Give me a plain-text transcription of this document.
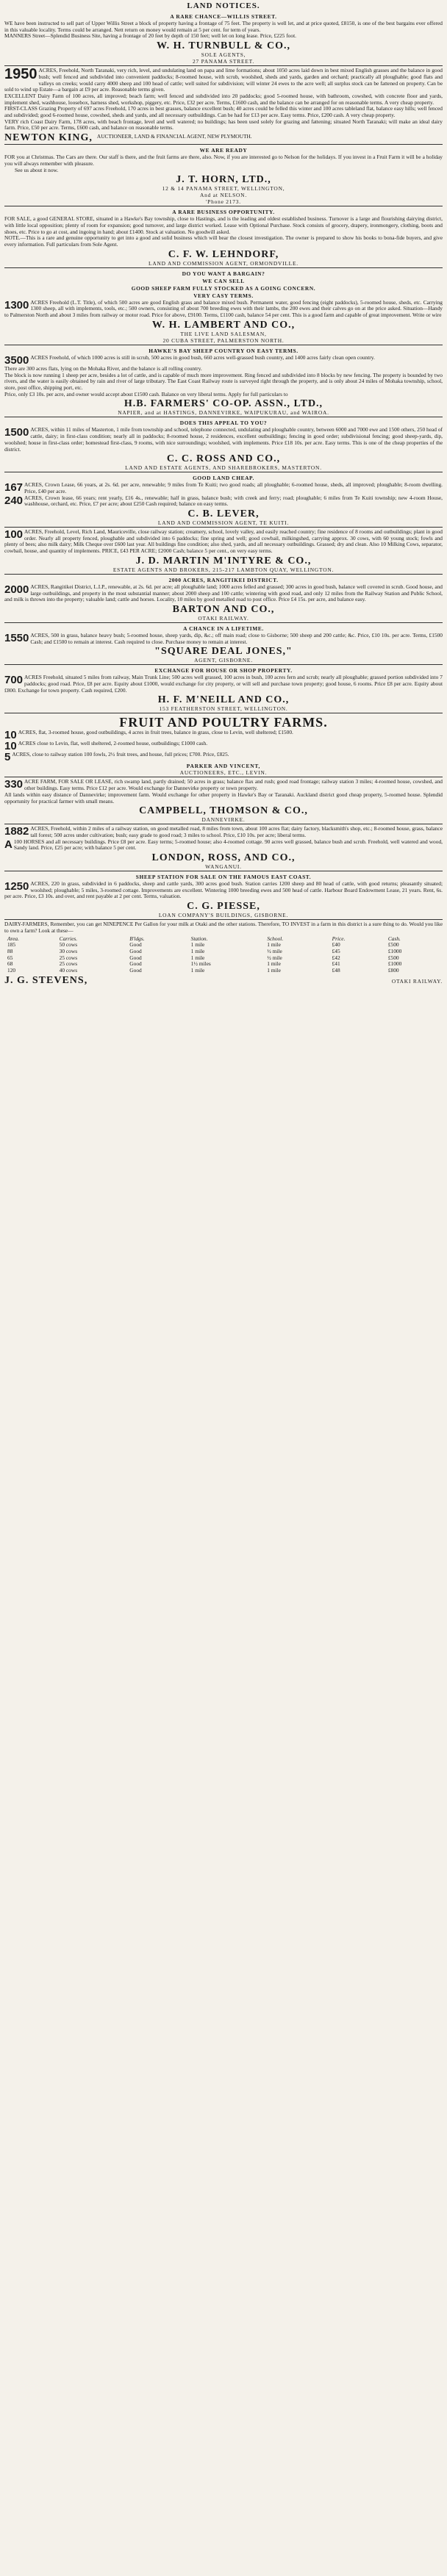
LAND NOTICES.
A RARE CHANCE—WILLIS STREET.

WE have been instructed to sell part of Upper Willis Street a block of property having a frontage of 75 feet. The property is well let, and at price quoted, £8150, is one of the best bargains ever offered in this valuable locality. Terms could be arranged. Nett return on money would remain at 5 per cent. for term of years.

MANNERS Street—Splendid Business Site, having a frontage of 20 feet by depth of 150 feet; well let on long lease. Price, £225 foot.

W. H. TURNBULL & CO.,
SOLE AGENTS,
27 PANAMA STREET.

1950 ACRES, Freehold, North Taranaki, very rich, level, and undulating land on papa and lime formations; about 1050 acres laid down in best mixed English grasses and the balance in good bush; well fenced and subdivided into convenient paddocks; 8-roomed house, with scrub, woolshed, sheds and yards, garden and orchard; practically all ploughable; good flats and valleys on creeks; would carry 4000 sheep and 100 head of cattle; well suited for subdivision; will winter 24 ewes to the acre well; all surplus stock can be fattened on property. Can be sold to wind up Estate—a bargain at £9 per acre. Reasonable terms given.

EXCELLENT Dairy Farm of 100 acres, all improved; beach farm; well fenced and subdivided into 20 paddocks; good 5-roomed house, with bathroom, cowshed, with concrete floor and yards, implement shed, washhouse, loosebox, harness shed, workshop, piggery, etc. Price, £32 per acre. Terms, £1600 cash, and the balance can be arranged for on reasonable terms. A very cheap property.

FIRST-CLASS Grazing Property of 697 acres Freehold, 170 acres in best grasses, balance excellent bush; 40 acres could be felled this winter and 100 acres tableland flat, balance easy hills; well fenced and subdivided; good 6-roomed house, cowshed, sheds and yards, and all necessary outbuildings. Can be had for £13 per acre. Easy terms. Price, £200 cash. A very cheap property.

VERY rich Coast Dairy Farm, 178 acres, with beach frontage, level and well watered; no buildings; has been used solely for grazing and fattening; situated North Taranaki; will make an ideal dairy farm. Price, £50 per acre. Terms, £600 cash, and balance on reasonable terms.

NEWTON KING, AUCTIONEER, LAND & FINANCIAL AGENT, NEW PLYMOUTH.
WE ARE READY

FOR you at Christmas. The Cars are there. Our staff is there, and the fruit farms are there, also. Now, if you are interested go to Nelson for the holidays. If you invest in a Fruit Farm it will be a holiday you will always remember with pleasure.

See us about it now.

J. T. HORN, LTD.,
12 & 14 PANAMA STREET, WELLINGTON,
And at NELSON.
'Phone 2173.
A RARE BUSINESS OPPORTUNITY.

FOR SALE, a good GENERAL STORE, situated in a Hawke's Bay township, close to Hastings, and is the leading and oldest established business. Turnover is a large and flourishing dairying district, with little local opposition; plenty of room for expansion; good turnover, and large district worked. Lease with Optional Purchase. Stock consists of grocery, drapery, ironmongery, clothing, boots and shoes, etc. Price to go at cost, and ingoing in hand; about £1400. Stock at valuation. No goodwill asked.

NOTE.—This is a rare and genuine opportunity to get into a good and solid business which will bear the closest investigation. The owner is prepared to show his books to bona-fide buyers, and give every information. Full particulars from Sole Agent.

C. F. W. LEHNDORF,
LAND AND COMMISSION AGENT, ORMONDVILLE.
DO YOU WANT A BARGAIN?
WE CAN SELL
GOOD SHEEP FARM FULLY STOCKED AS A GOING CONCERN.
VERY CASY TERMS.

1300 ACRES Freehold (L.T. Title), of which 500 acres are good English grass and balance mixed bush. Permanent water, good fencing (eight paddocks), 5-roomed house, sheds, etc. Carrying 1300 sheep, all with implements, tools, etc.; 500 owners, consisting of about 700 breeding ewes with their lambs, the 200 ewes and their calves go on at the price asked. Situation—Handy to Palmerston North and about 3 miles from railway or motor road. Price for above, £9100. Terms, £1100 cash, balance 54 per cent. This is a good farm and capable of great improvement. Write or wire

W. H. LAMBERT AND CO.,
THE LIVE LAND SALESMAN,
20 CUBA STREET, PALMERSTON NORTH.
HAWKE'S BAY SHEEP COUNTRY ON EASY TERMS.

3500 ACRES Freehold, of which 1000 acres is still in scrub, 500 acres in good bush, 660 acres well-grassed bush country, and 1400 acres fairly clean open country.

There are 300 acres flats, lying on the Mohaka River, and the balance is all rolling country.

The block is now running 1 sheep per acre, besides a lot of cattle, and is capable of much more improvement. Ring fenced and subdivided into 8 blocks by new fencing. The property is bounded by two rivers, and the water is easily obtained by rain and river of large tributary. The East Coast Railway route is surveyed right through the property, and is only about 24 miles of Mohaka township, school, store, post office, shipping port, etc.

Price, only £3 10s. per acre, and owner would accept about £1500 cash. Balance on very liberal terms. Apply for full particulars to

H.B. FARMERS' CO-OP. ASSN., LTD.,
NAPIER, and at HASTINGS, DANNEVIRKE, WAIPUKURAU, and WAIROA.
DOES THIS APPEAL TO YOU?

1500 ACRES, within 11 miles of Masterton, 1 mile from township and school, telephone connected, undulating and ploughable country, between 6000 and 7000 ewe and 1500 others, 250 head of cattle, dairy; in first-class condition; nearly all in paddocks; 8-roomed house, 2 residences, excellent outbuildings; fencing in good order; subdivisional fencing; good sheep-yards, dip, woolshed; house in first-class order; homestead first-class, 9 rooms, with nice surroundings; woolshed, with implements. Price £18 10s. per acre. Easy terms. This is one of the cheap properties of the district.

C. C. ROSS AND CO.,
LAND AND ESTATE AGENTS, AND SHAREBROKERS, MASTERTON.
GOOD LAND CHEAP.

167 ACRES, Crown Lease, 66 years, at 2s. 6d. per acre, renewable; 9 miles from Te Kuiti; two good roads; all ploughable; 6-roomed house, sheds, all improved; ploughable; 8-room dwelling. Price, £40 per acre.

240 ACRES, Crown lease, 66 years; rent yearly, £16 4s., renewable; half in grass, balance bush; with creek and ferry; road; ploughable; 6 miles from Te Kuiti township; new 4-room House, washhouse, orchard, etc. Price, £7 per acre; about £250 Cash required; balance on easy terms.

C. B. LEVER,
LAND AND COMMISSION AGENT, TE KUITI.

100 ACRES, Freehold, Level, Rich Land, Mauriceville, close railway station; creamery, school, lovely valley, and easily reached country; fine residence of 8 rooms and outbuildings; plant in good order. Nearly all property fenced, ploughable and subdivided into 6 paddocks; fine spring and well; good cowbail, milkingshed, carrying approx. 30 cows, with 60 young stock; fowls and plenty of bees; also milk dairy; Milk Cheque over £600 last year. All buildings fine condition; also shed, yards, and all necessary outbuildings. Grassed; dry and clean. Also 10 Milking Cows, separator, cowbail, house, and quantity of implements. PRICE, £43 PER ACRE; £2000 Cash; balance 5 per cent., on very easy terms.

J. D. MARTIN M'INTYRE & CO.,
ESTATE AGENTS AND BROKERS, 215-217 LAMBTON QUAY, WELLINGTON.
2000 ACRES, RANGITIKEI DISTRICT.

2000 ACRES, Rangitikei District, L.I.P., renewable, at 2s. 6d. per acre; all ploughable land; 1000 acres felled and grassed; 300 acres in good bush, balance well covered in scrub. Good house, and large outbuildings, and property in the most substantial manner; about 2000 sheep and 100 cattle; wintering with good road, and only 12 miles from the Railway Station and Public School, and milk is thrown into the property; valuable land; cattle and horses. Locality, 10 miles by good metalled road to post office. Price £4 15s. per acre, and balance easy.

BARTON AND CO.,
OTAKI RAILWAY.
A CHANCE IN A LIFETIME.

1550 ACRES, 500 in grass, balance heavy bush; 5-roomed house, sheep yards, dip, &c.; off main road; close to Gisborne; 500 sheep and 200 cattle; &c. Price, £10 10s. per acre. Terms, £1500 Cash; and £1500 to remain at interest. Cash required to close. Purchase money to remain at interest.

"SQUARE DEAL JONES,"
AGENT, GISBORNE.
EXCHANGE FOR HOUSE OR SHOP PROPERTY.

700 ACRES Freehold, situated 5 miles from railway, Main Trunk Line; 500 acres well grassed, 100 acres in bush, 100 acres fern and scrub; nearly all ploughable; grassed portion subdivided into 7 paddocks; good road. Price, £8 per acre. Equity about £1000, would exchange for city property, or will sell and purchase town property; good house, 6 rooms. Price £8 per acre. Equity about £800. Exchange for town property. Cash required, £200.

H. F. M'NEILL AND CO.,
153 FEATHERSTON STREET, WELLINGTON.
FRUIT AND POULTRY FARMS.

10 ACRES, flat, 3-roomed house, good outbuildings, 4 acres in fruit trees, balance in grass, close to Levin, well sheltered; £1500.

10 ACRES close to Levin, flat, well sheltered, 2-roomed house, outbuildings; £1000 cash.

5 ACRES, close to railway station 100 fowls, 2½ fruit trees, and house, full prices; £700. Price, £825.

PARKER AND VINCENT,
AUCTIONEERS, ETC., LEVIN.

330 ACRE FARM, FOR SALE OR LEASE, rich swamp land, partly drained; 50 acres in grass; balance flax and rush; good road frontage; railway station 3 miles; 4-roomed house, cowshed, and other buildings. Easy terms. Price £12 per acre. Would exchange for Dannevirke property or town property.

All lands within easy distance of Dannevirke; improvement farm. Would exchange for other property in Hawke's Bay or Taranaki. Auckland district good cheap property, 5-roomed house. Splendid opportunity for practical farmer with small means.

CAMPBELL, THOMSON & CO.,
DANNEVIRKE.

1882 ACRES, Freehold, within 2 miles of a railway station, on good metalled road, 8 miles from town, about 100 acres flat; dairy factory, blacksmith's shop, etc.; 8-roomed house, grass, balance tall forest; 500 acres under cultivation; bush; easy grade to good road; 3 miles to school. Price, £10 10s. per acre; liberal terms.

A 100 HORSES and all necessary buildings. Price £8 per acre. Easy terms; 5-roomed house; also 4-roomed cottage. 90 acres well grassed, balance bush and scrub. Freehold, well watered and wood, Sandy land. Price, £25 per acre; with balance 5 per cent.

LONDON, ROSS, AND CO.,
WANGANUI.
SHEEP STATION FOR SALE ON THE FAMOUS EAST COAST.

1250 ACRES, 220 in grass, subdivided in 6 paddocks, sheep and cattle yards, 300 acres good bush. Station carries 1200 sheep and 80 head of cattle, with good returns; pleasantly situated; woolshed; ploughable; 5 miles, 3-roomed cottage. Improvements are excellent. Wintering 1000 breeding ewes and 500 head of cattle. Harbour Board Endowment Lease, 21 years. Rent, 6s. per acre. Price, £3 10s. and over, and rent payable at 2 per cent. Terms, valuation.

C. G. PIESSE,
LOAN COMPANY'S BUILDINGS, GISBORNE.

DAIRY-FARMERS, Remember, you can get NINEPENCE Per Gallon for your milk at Otaki and the other stations. Therefore, TO INVEST in a farm in this district is a sure thing to do. Would you like to own a farm? Look at these—

Area.	Carries.	B'ldgs.	Station.	School.	Price.	Cash.
185	50 cows	Good	1 mile	1 mile	£40	£500
88	30 cows	Good	1 mile	½ mile	£45	£1000
65	25 cows	Good	1 mile	½ mile	£42	£500
68	25 cows	Good	1½ miles	1 mile	£41	£1000
120	40 cows	Good	1 mile	1 mile	£48	£800
J. G. STEVENS,	OTAKI RAILWAY.
